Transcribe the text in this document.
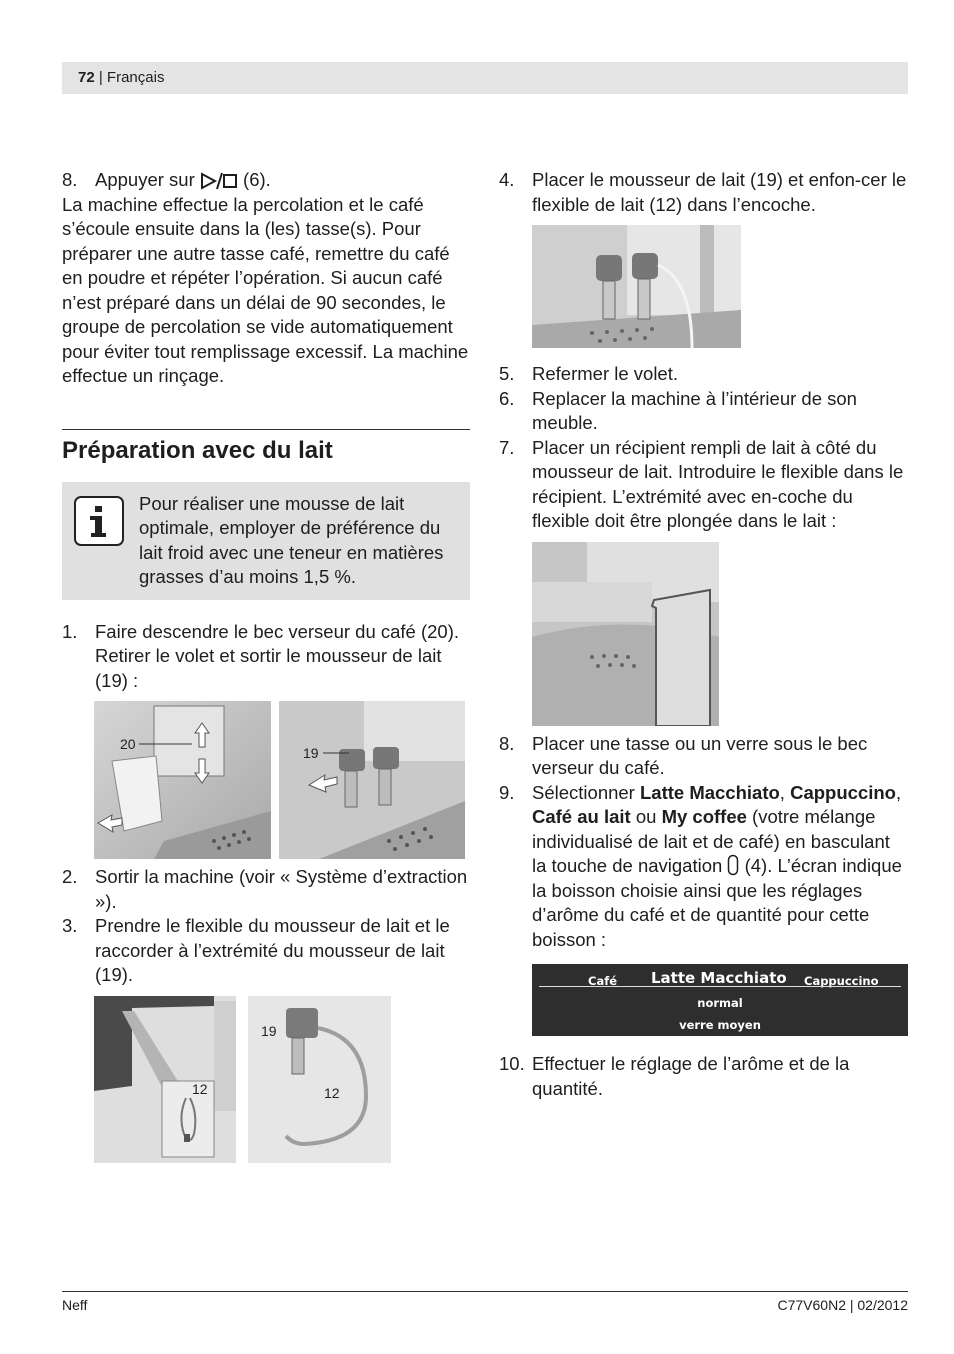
72 | Français
8. Appuyer sur	(6).

La machine effectue la percolation et le café s’écoule ensuite dans la (les) tasse(s). Pour préparer une autre tasse café, remettre du café en poudre et répéter l’opération. Si aucun café n’est préparé dans un délai de 90 secondes, le groupe de percolation se vide automatiquement pour éviter tout remplissage excessif. La machine effectue un rinçage.

Préparation avec du lait

Pour réaliser une mousse de lait optimale, employer de préférence du lait froid avec une teneur en matières grasses d’au moins 1,5 %.

1. Faire descendre le bec verseur du café (20). Retirer le volet et sortir le mousseur de lait (19) :
20
19
2. Sortir la machine (voir « Système d’extraction »).
3. Prendre le flexible du mousseur de lait et le raccorder à l’extrémité du mousseur de lait (19).
12
19
12
4. Placer le mousseur de lait (19) et enfon-cer le flexible de lait (12) dans l’encoche.
5. Refermer le volet.
6. Replacer la machine à l’intérieur de son meuble.
7. Placer un récipient rempli de lait à côté du mousseur de lait. Introduire le flexible dans le récipient. L’extrémité avec en-coche du flexible doit être plongée dans le lait :
8. Placer une tasse ou un verre sous le bec verseur du café.
9. Sélectionner Latte Macchiato, Cappuccino, Café au lait ou My coffee (votre mélange individualisé de lait et de café) en basculant la touche de navigation  (4). L’écran indique la boisson choisie ainsi que les réglages d’arôme du café et de quantité pour cette boisson :
Café Latte Macchiato Cappuccino
normal
verre moyen
10. Effectuer le réglage de l’arôme et de la quantité.
Neff	C77V60N2 | 02/2012
